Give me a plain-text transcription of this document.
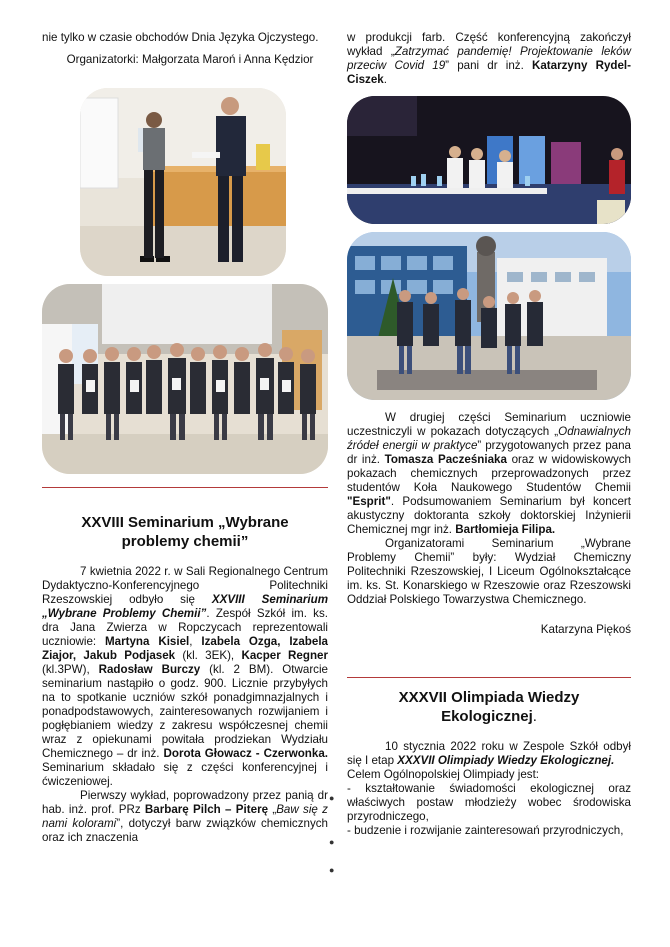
nie tylko w czasie obchodów Dnia Języka Ojczystego.

Organizatorki: Małgorzata Maroń i Anna Kędzior

XXVIII Seminarium „Wybrane problemy chemii”

7 kwietnia 2022 r. w Sali Regionalnego Centrum Dydaktyczno-Konferencyjnego Politechniki Rzeszowskiej odbyło się XXVIII Seminarium „Wybrane Problemy Chemii”. Zespół Szkół im. ks. dra Jana Zwierza w Ropczycach reprezentowali uczniowie: Martyna Kisiel, Izabela Ozga, Izabela Ziajor, Jakub Podjasek (kl. 3EK), Kacper Regner (kl.3PW), Radosław Burczy (kl. 2 BM). Otwarcie seminarium nastąpiło o godz. 900. Licznie przybyłych na to spotkanie uczniów szkół ponadgimnazjalnych i ponadpodstawowych, zainteresowanych rozwijaniem i pogłębianiem wiedzy z zakresu współczesnej chemii wraz z opiekunami powitała prodziekan Wydziału Chemicznego – dr inż. Dorota Głowacz - Czerwonka. Seminarium składało się z części konferencyjnej i ćwiczeniowej.

Pierwszy wykład, poprowadzony przez panią dr hab. inż. prof. PRz Barbarę Pilch – Piterę „Baw się z nami kolorami”, dotyczył barw związków chemicznych oraz ich znaczenia

w produkcji farb. Część konferencyjną zakończył wykład „Zatrzymać pandemię! Projektowanie leków przeciw Covid 19” pani dr inż. Katarzyny Rydel-Ciszek.

W drugiej części Seminarium uczniowie uczestniczyli w pokazach dotyczących „Odnawialnych źródeł energii w praktyce” przygotowanych przez pana dr inż. Tomasza Pacześniaka oraz w widowiskowych pokazach chemicznych przeprowadzonych przez studentów Koła Naukowego Studentów Chemii "Esprit". Podsumowaniem Seminarium był koncert akustyczny doktoranta szkoły doktorskiej Inżynierii Chemicznej mgr inż. Bartłomieja Filipa.

Organizatorami Seminarium „Wybrane Problemy Chemii” były: Wydział Chemiczny Politechniki Rzeszowskiej, I Liceum Ogólnokształcące im. ks. St. Konarskiego w Rzeszowie oraz Rzeszowski Oddział Polskiego Towarzystwa Chemicznego.

Katarzyna Piękoś

XXXVII Olimpiada Wiedzy Ekologicznej.

10 stycznia 2022 roku w Zespole Szkół odbył się I etap XXXVII Olimpiady Wiedzy Ekologicznej.

Celem Ogólnopolskiej Olimpiady jest:

- kształtowanie świadomości ekologicznej oraz właściwych postaw młodzieży wobec środowiska przyrodniczego,

- budzenie i rozwijanie zainteresowań przyrodniczych,

●
●
●
